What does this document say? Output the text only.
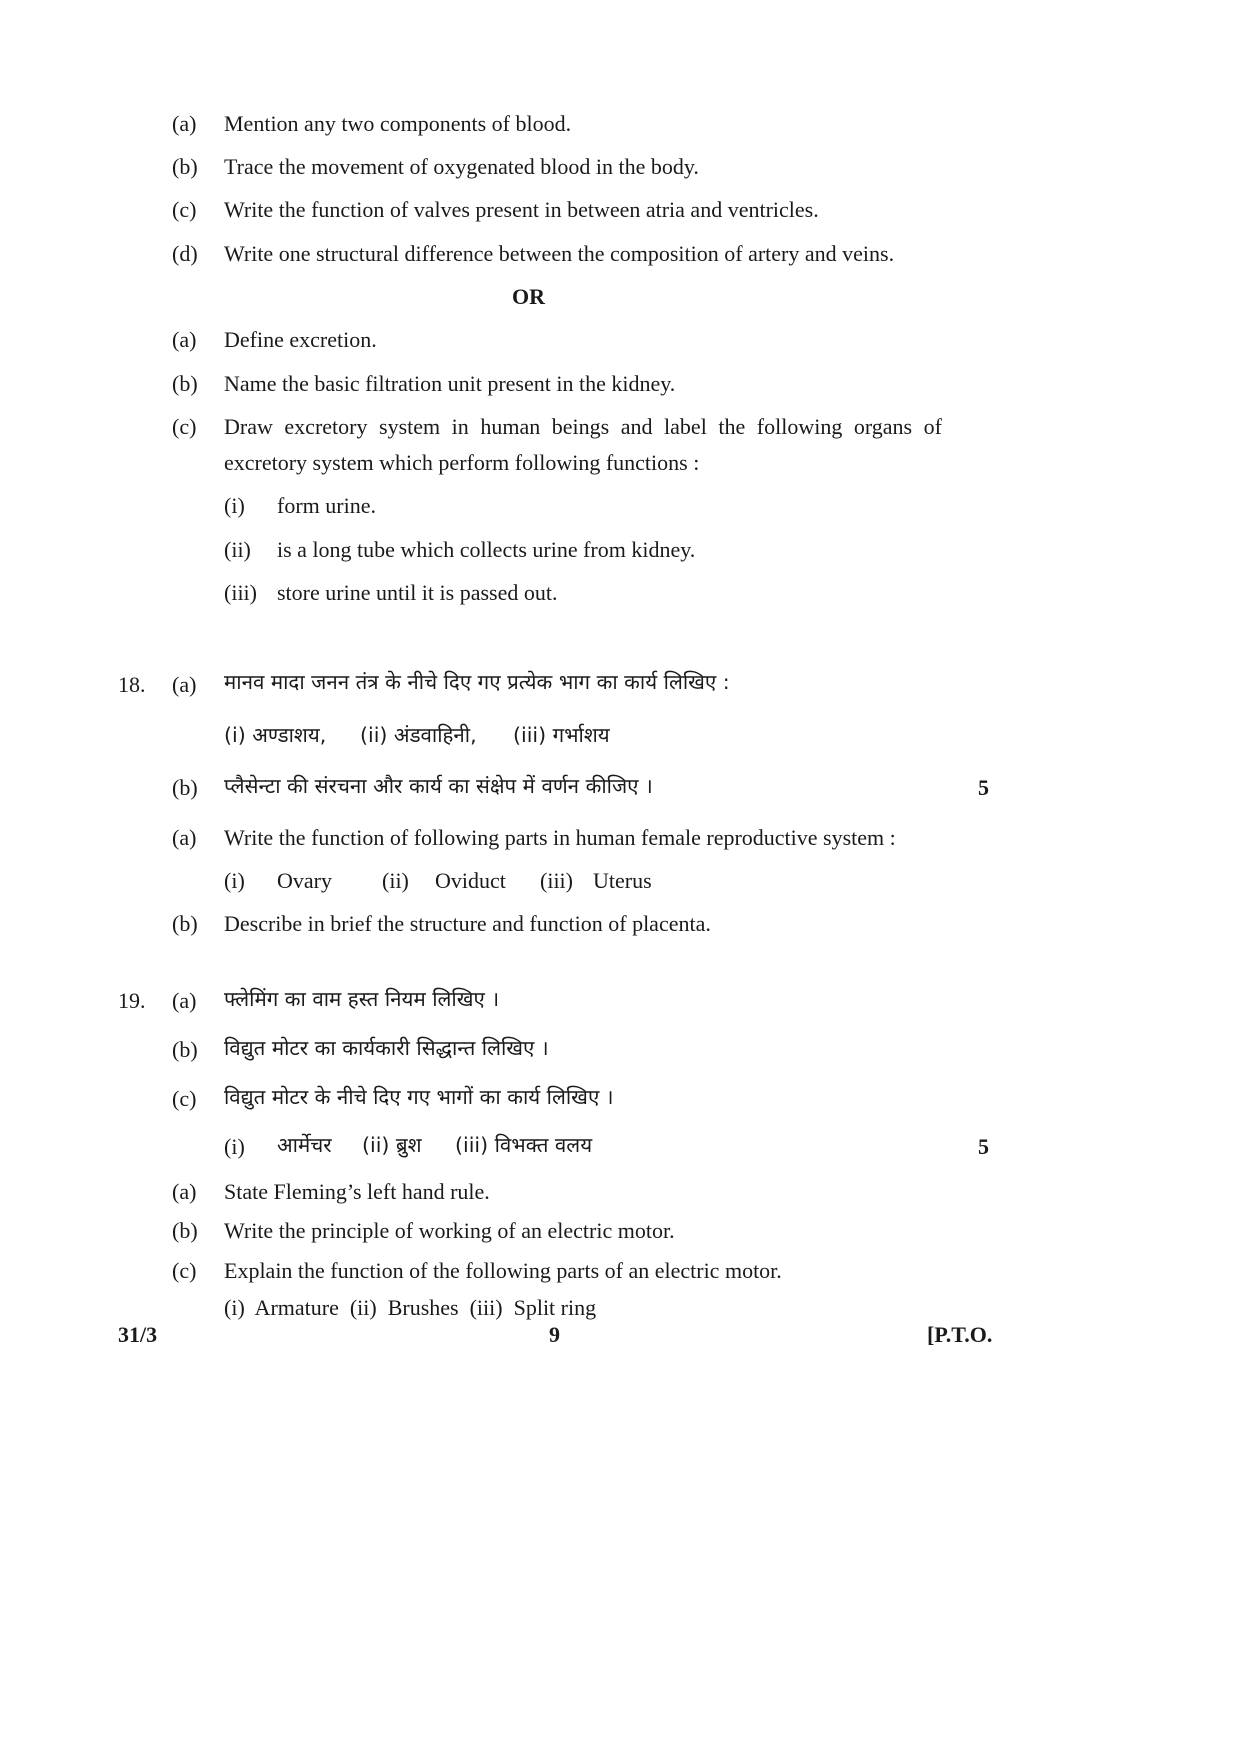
(a) Mention any two components of blood.
(b) Trace the movement of oxygenated blood in the body.
(c) Write the function of valves present in between atria and ventricles.
(d) Write one structural difference between the composition of artery and veins.
OR
(a) Define excretion.
(b) Name the basic filtration unit present in the kidney.
(c) Draw excretory system in human beings and label the following organs of
excretory system which perform following functions :
(i) form urine.
(ii) is a long tube which collects urine from kidney.
(iii) store urine until it is passed out.
18. (a) मानव मादा जनन तंत्र के नीचे दिए गए प्रत्येक भाग का कार्य लिखिए :
(i) अण्डाशय, (ii) अंडवाहिनी, (iii) गर्भाशय
(b) प्लैसेन्टा की संरचना और कार्य का संक्षेप में वर्णन कीजिए ।	5
(a) Write the function of following parts in human female reproductive system :
(i) Ovary (ii) Oviduct (iii) Uterus
(b) Describe in brief the structure and function of placenta.
19. (a) फ्लेमिंग का वाम हस्त नियम लिखिए ।
(b) विद्युत मोटर का कार्यकारी सिद्धान्त लिखिए ।
(c) विद्युत मोटर के नीचे दिए गए भागों का कार्य लिखिए ।
(i) आर्मेचर (ii) ब्रुश (iii) विभक्त वलय	5
(a) State Fleming’s left hand rule.
(b) Write the principle of working of an electric motor.
(c) Explain the function of the following parts of an electric motor.
(i)  Armature  (ii)  Brushes  (iii)  Split ring
31/3	9	[P.T.O.
